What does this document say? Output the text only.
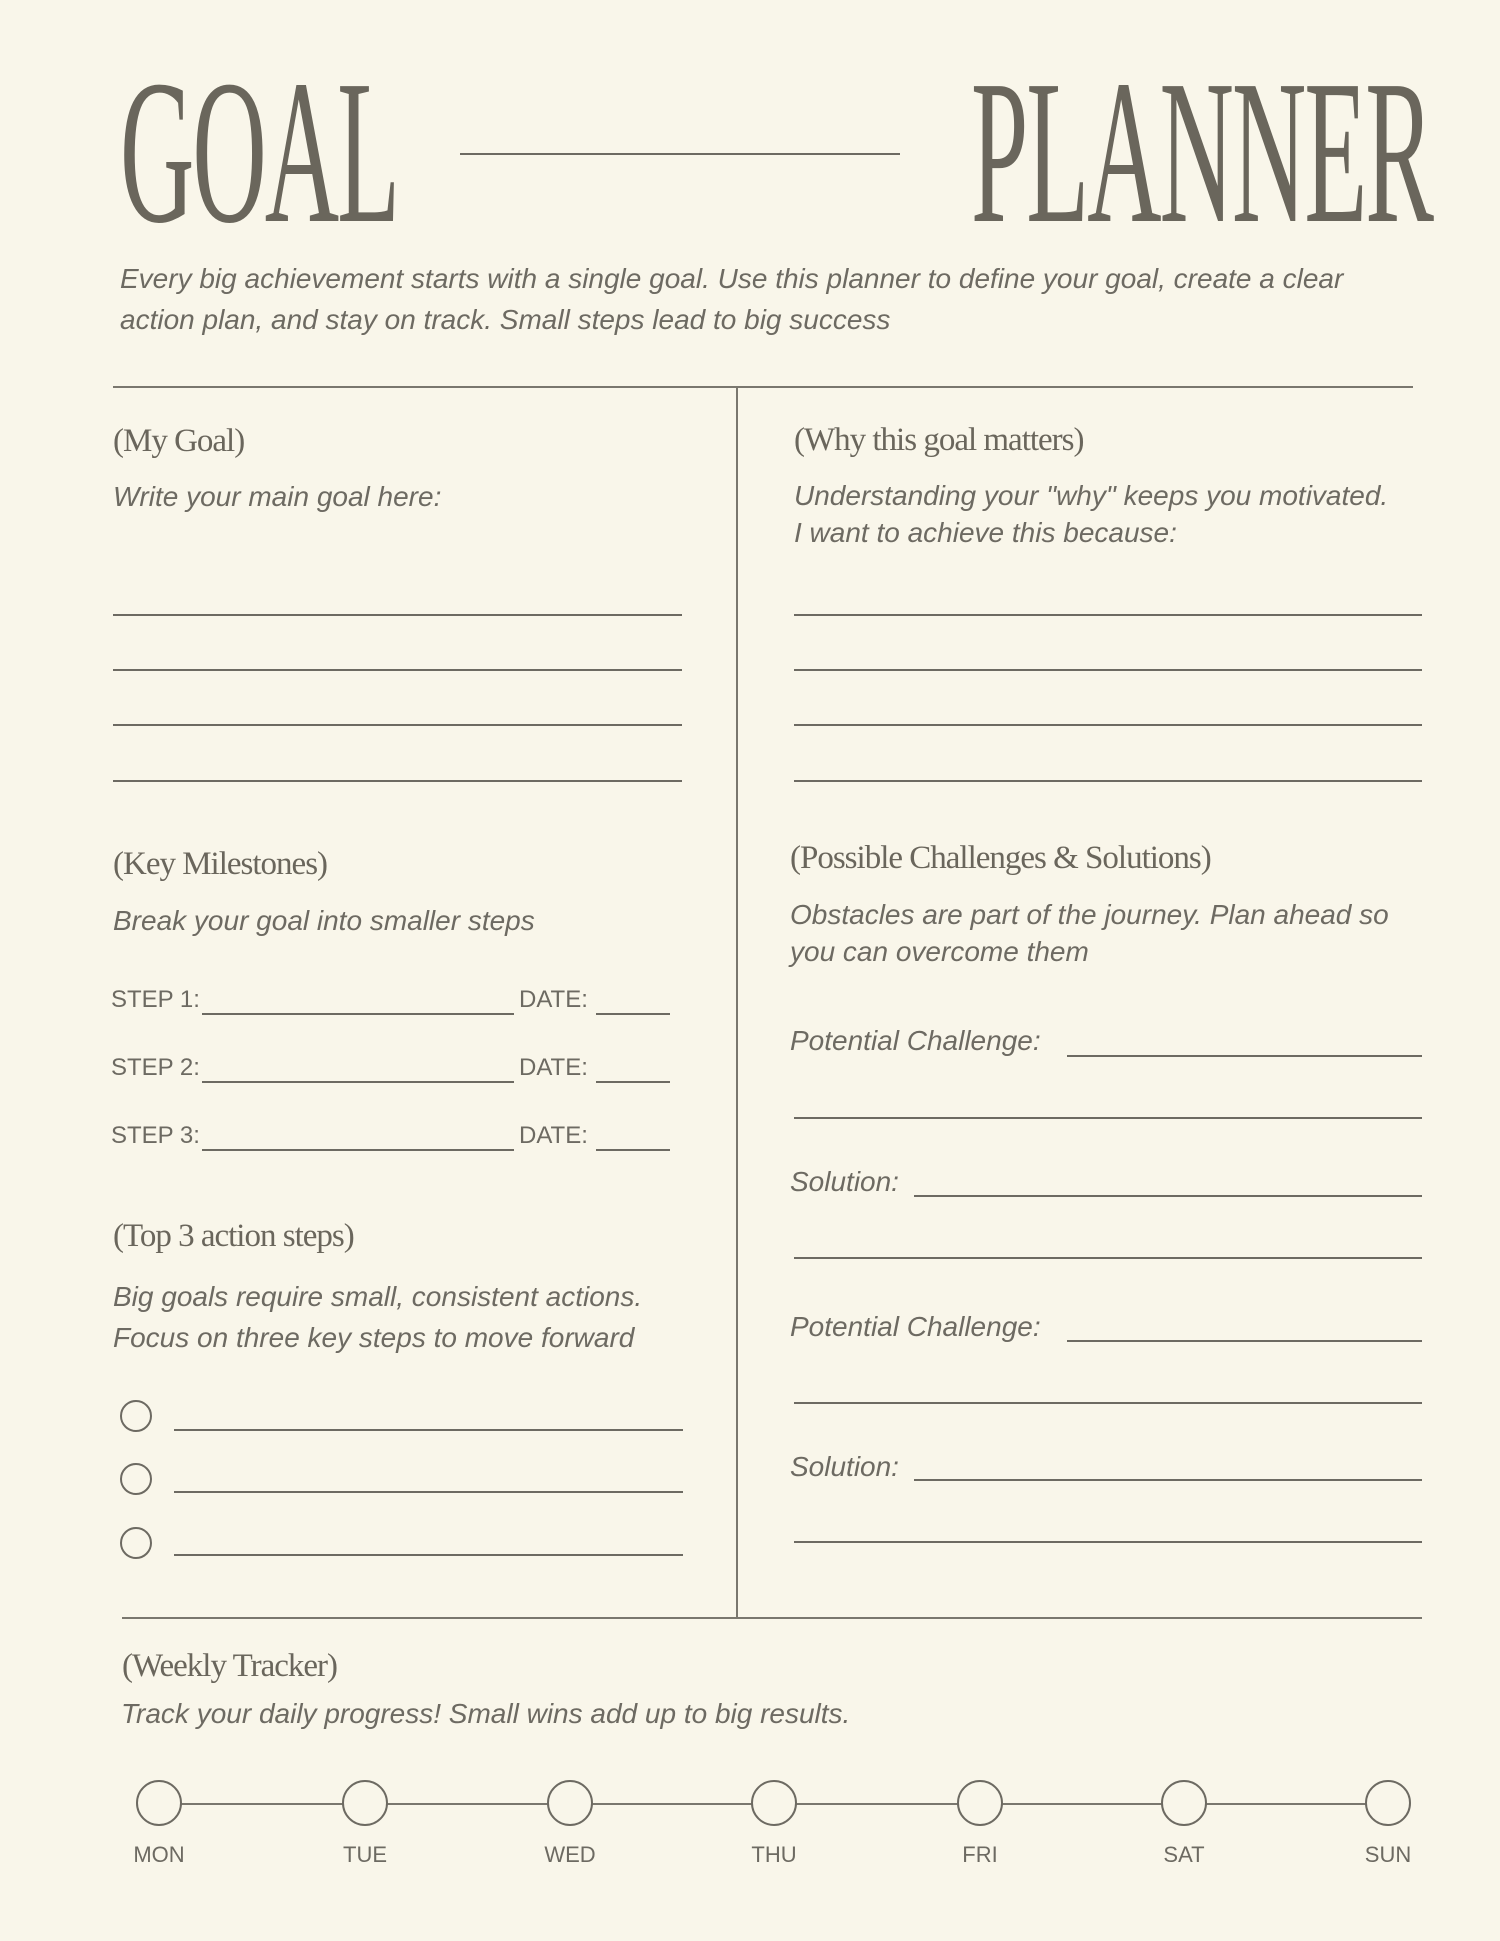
GOAL	PLANNER
Every big achievement starts with a single goal. Use this planner to define your goal, create a clear
action plan, and stay on track. Small steps lead to big success
(My Goal)
Write your main goal here:
(Why this goal matters)
Understanding your "why" keeps you motivated.
I want to achieve this because:
(Key Milestones)
Break your goal into smaller steps
STEP 1:	DATE:
STEP 2:	DATE:
STEP 3:	DATE:
(Top 3 action steps)
Big goals require small, consistent actions.
Focus on three key steps to move forward
(Possible Challenges & Solutions)
Obstacles are part of the journey. Plan ahead so
you can overcome them
Potential Challenge:
Solution:
Potential Challenge:
Solution:
(Weekly Tracker)
Track your daily progress! Small wins add up to big results.
MON	TUE	WED	THU	FRI	SAT	SUN
